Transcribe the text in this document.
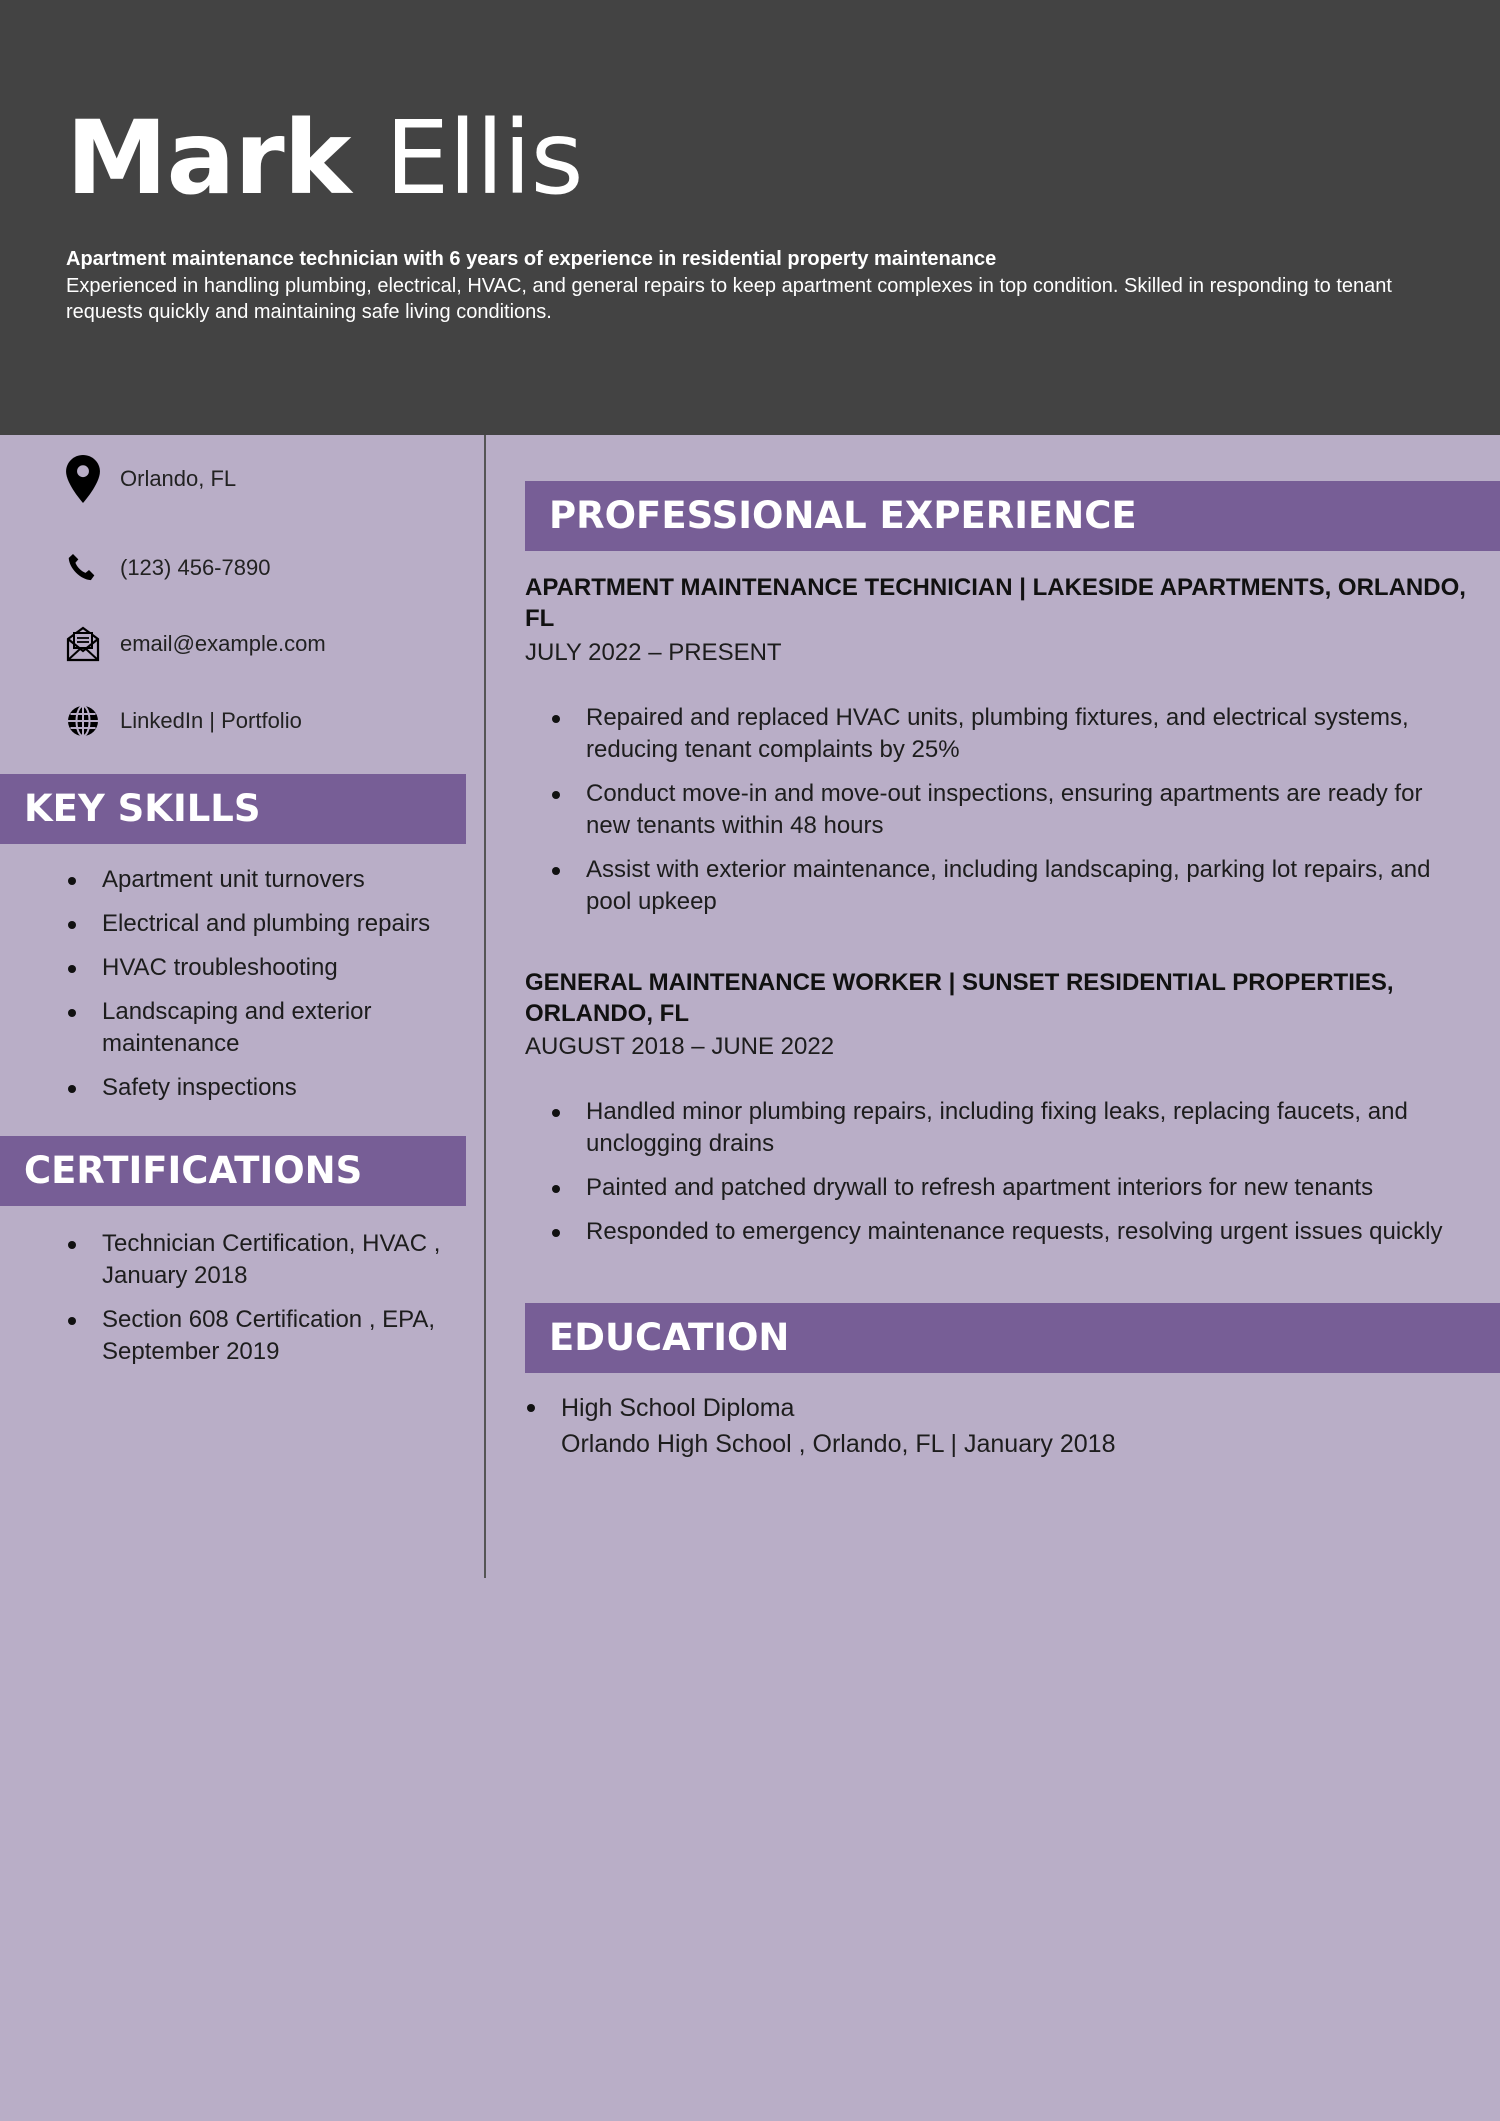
Mark Ellis
Apartment maintenance technician with 6 years of experience in residential property maintenance
Experienced in handling plumbing, electrical, HVAC, and general repairs to keep apartment complexes in top condition. Skilled in responding to tenant requests quickly and maintaining safe living conditions.
Orlando, FL
(123) 456-7890
email@example.com
LinkedIn | Portfolio
KEY SKILLS
Apartment unit turnovers
Electrical and plumbing repairs
HVAC troubleshooting
Landscaping and exterior maintenance
Safety inspections
CERTIFICATIONS
Technician Certification, HVAC , January 2018
Section 608 Certification , EPA, September 2019
PROFESSIONAL EXPERIENCE
APARTMENT MAINTENANCE TECHNICIAN | LAKESIDE APARTMENTS, ORLANDO, FL
JULY 2022 – PRESENT
Repaired and replaced HVAC units, plumbing fixtures, and electrical systems, reducing tenant complaints by 25%
Conduct move-in and move-out inspections, ensuring apartments are ready for new tenants within 48 hours
Assist with exterior maintenance, including landscaping, parking lot repairs, and pool upkeep
GENERAL MAINTENANCE WORKER | SUNSET RESIDENTIAL PROPERTIES, ORLANDO, FL
AUGUST 2018 – JUNE 2022
Handled minor plumbing repairs, including fixing leaks, replacing faucets, and unclogging drains
Painted and patched drywall to refresh apartment interiors for new tenants
Responded to emergency maintenance requests, resolving urgent issues quickly
EDUCATION
High School Diploma
Orlando High School , Orlando, FL | January 2018
